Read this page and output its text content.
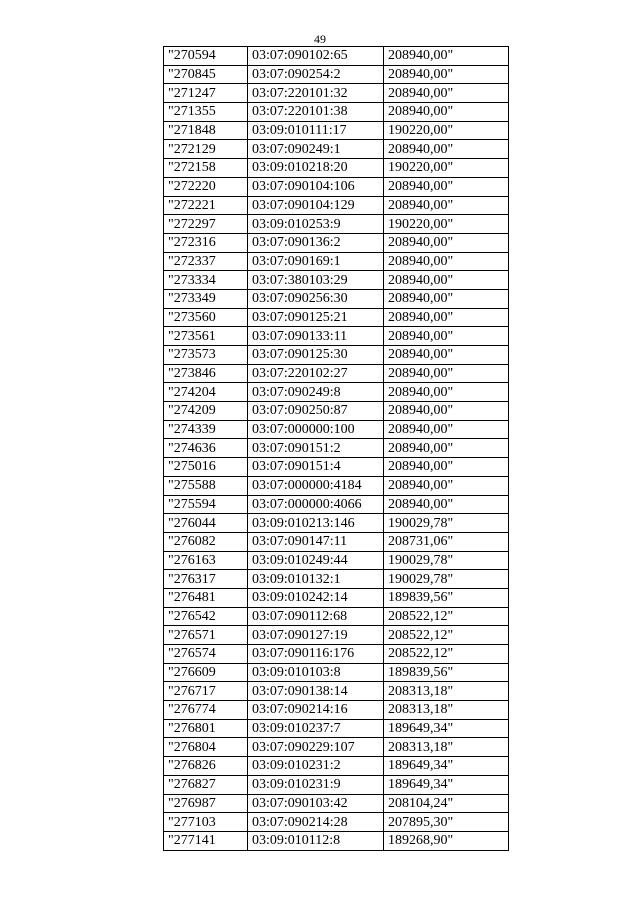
49
"270594	03:07:090102:65	208940,00"
"270845	03:07:090254:2	208940,00"
"271247	03:07:220101:32	208940,00"
"271355	03:07:220101:38	208940,00"
"271848	03:09:010111:17	190220,00"
"272129	03:07:090249:1	208940,00"
"272158	03:09:010218:20	190220,00"
"272220	03:07:090104:106	208940,00"
"272221	03:07:090104:129	208940,00"
"272297	03:09:010253:9	190220,00"
"272316	03:07:090136:2	208940,00"
"272337	03:07:090169:1	208940,00"
"273334	03:07:380103:29	208940,00"
"273349	03:07:090256:30	208940,00"
"273560	03:07:090125:21	208940,00"
"273561	03:07:090133:11	208940,00"
"273573	03:07:090125:30	208940,00"
"273846	03:07:220102:27	208940,00"
"274204	03:07:090249:8	208940,00"
"274209	03:07:090250:87	208940,00"
"274339	03:07:000000:100	208940,00"
"274636	03:07:090151:2	208940,00"
"275016	03:07:090151:4	208940,00"
"275588	03:07:000000:4184	208940,00"
"275594	03:07:000000:4066	208940,00"
"276044	03:09:010213:146	190029,78"
"276082	03:07:090147:11	208731,06"
"276163	03:09:010249:44	190029,78"
"276317	03:09:010132:1	190029,78"
"276481	03:09:010242:14	189839,56"
"276542	03:07:090112:68	208522,12"
"276571	03:07:090127:19	208522,12"
"276574	03:07:090116:176	208522,12"
"276609	03:09:010103:8	189839,56"
"276717	03:07:090138:14	208313,18"
"276774	03:07:090214:16	208313,18"
"276801	03:09:010237:7	189649,34"
"276804	03:07:090229:107	208313,18"
"276826	03:09:010231:2	189649,34"
"276827	03:09:010231:9	189649,34"
"276987	03:07:090103:42	208104,24"
"277103	03:07:090214:28	207895,30"
"277141	03:09:010112:8	189268,90"
